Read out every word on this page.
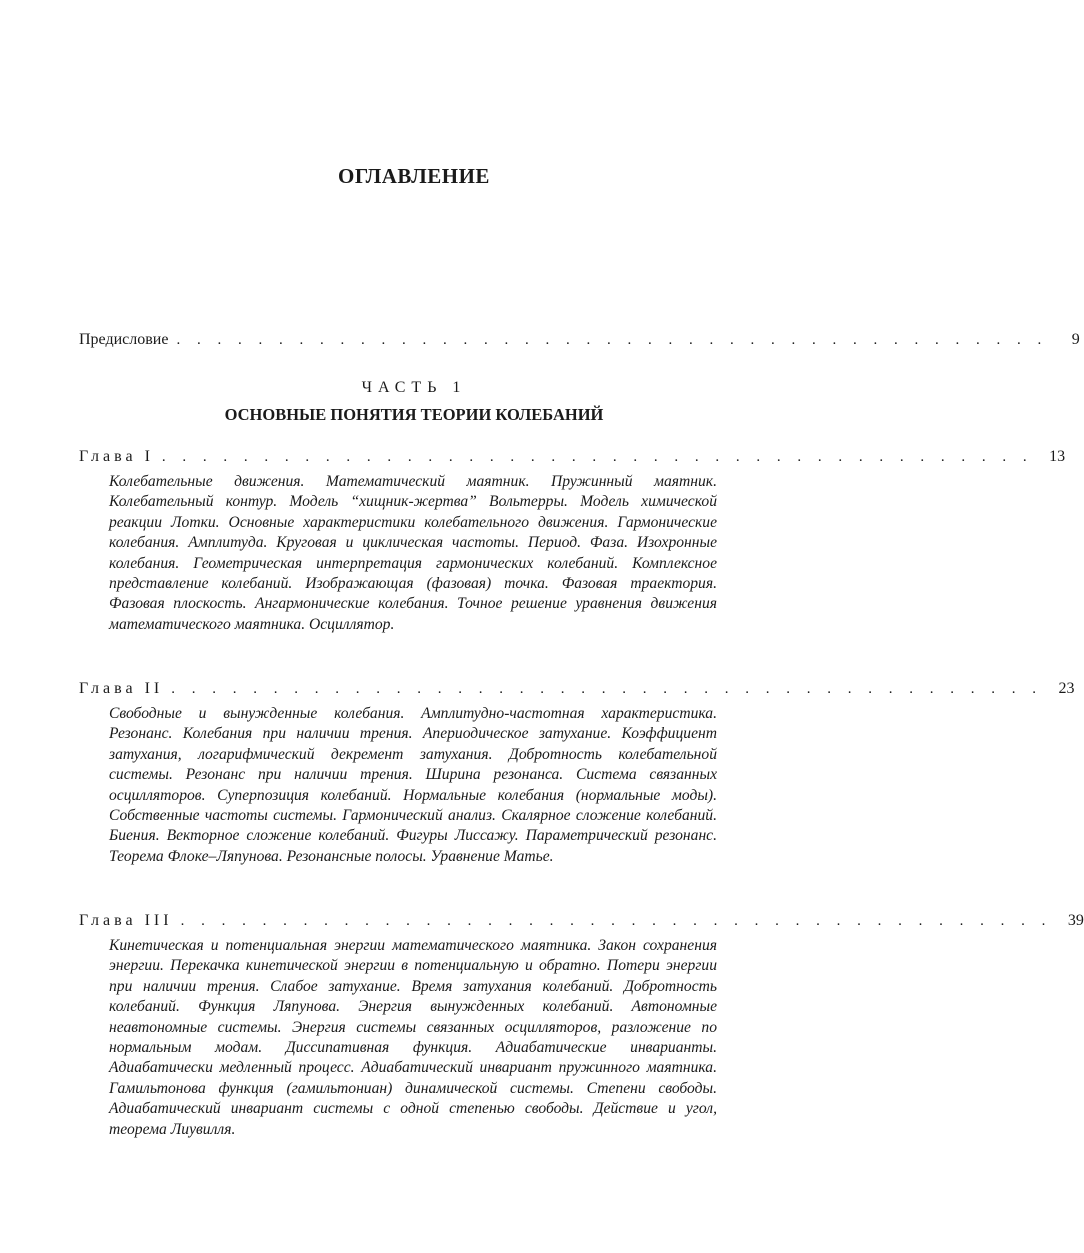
ОГЛАВЛЕНИЕ
Предисловие . . . . . . . . . . . . . . . . . . . . . . . . . . . . . . . . . . . . . . . . . . .	9
ЧАСТЬ 1
ОСНОВНЫЕ ПОНЯТИЯ ТЕОРИИ КОЛЕБАНИЙ
Глава I . . . . . . . . . . . . . . . . . . . . . . . . . . . . . . . . . . . . . . . . . . .	13
Колебательные движения. Математический маятник. Пружинный маятник. Колебательный контур. Модель “хищник-жертва” Вольтерры. Модель химической реакции Лотки. Основные характеристики колебательного движения. Гармонические колебания. Амплитуда. Круговая и циклическая частоты. Период. Фаза. Изохронные колебания. Геометрическая интерпретация гармонических колебаний. Комплексное представление колебаний. Изображающая (фазовая) точка. Фазовая траектория. Фазовая плоскость. Ангармонические колебания. Точное решение уравнения движения математического маятника. Осциллятор.
Глава II . . . . . . . . . . . . . . . . . . . . . . . . . . . . . . . . . . . . . . . . . . .	23
Свободные и вынужденные колебания. Амплитудно-частотная характеристика. Резонанс. Колебания при наличии трения. Апериодическое затухание. Коэффициент затухания, логарифмический декремент затухания. Добротность колебательной системы. Резонанс при наличии трения. Ширина резонанса. Система связанных осцилляторов. Суперпозиция колебаний. Нормальные колебания (нормальные моды). Собственные частоты системы. Гармонический анализ. Скалярное сложение колебаний. Биения. Векторное сложение колебаний. Фигуры Лиссажу. Параметрический резонанс. Теорема Флоке–Ляпунова. Резонансные полосы. Уравнение Матье.
Глава III . . . . . . . . . . . . . . . . . . . . . . . . . . . . . . . . . . . . . . . . . . .	39
Кинетическая и потенциальная энергии математического маятника. Закон сохранения энергии. Перекачка кинетической энергии в потенциальную и обратно. Потери энергии при наличии трения. Слабое затухание. Время затухания колебаний. Добротность колебаний. Функция Ляпунова. Энергия вынужденных колебаний. Автономные неавтономные системы. Энергия системы связанных осцилляторов, разложение по нормальным модам. Диссипативная функция. Адиабатические инварианты. Адиабатически медленный процесс. Адиабатический инвариант пружинного маятника. Гамильтонова функция (гамильтониан) динамической системы. Степени свободы. Адиабатический инвариант системы с одной степенью свободы. Действие и угол, теорема Лиувилля.
